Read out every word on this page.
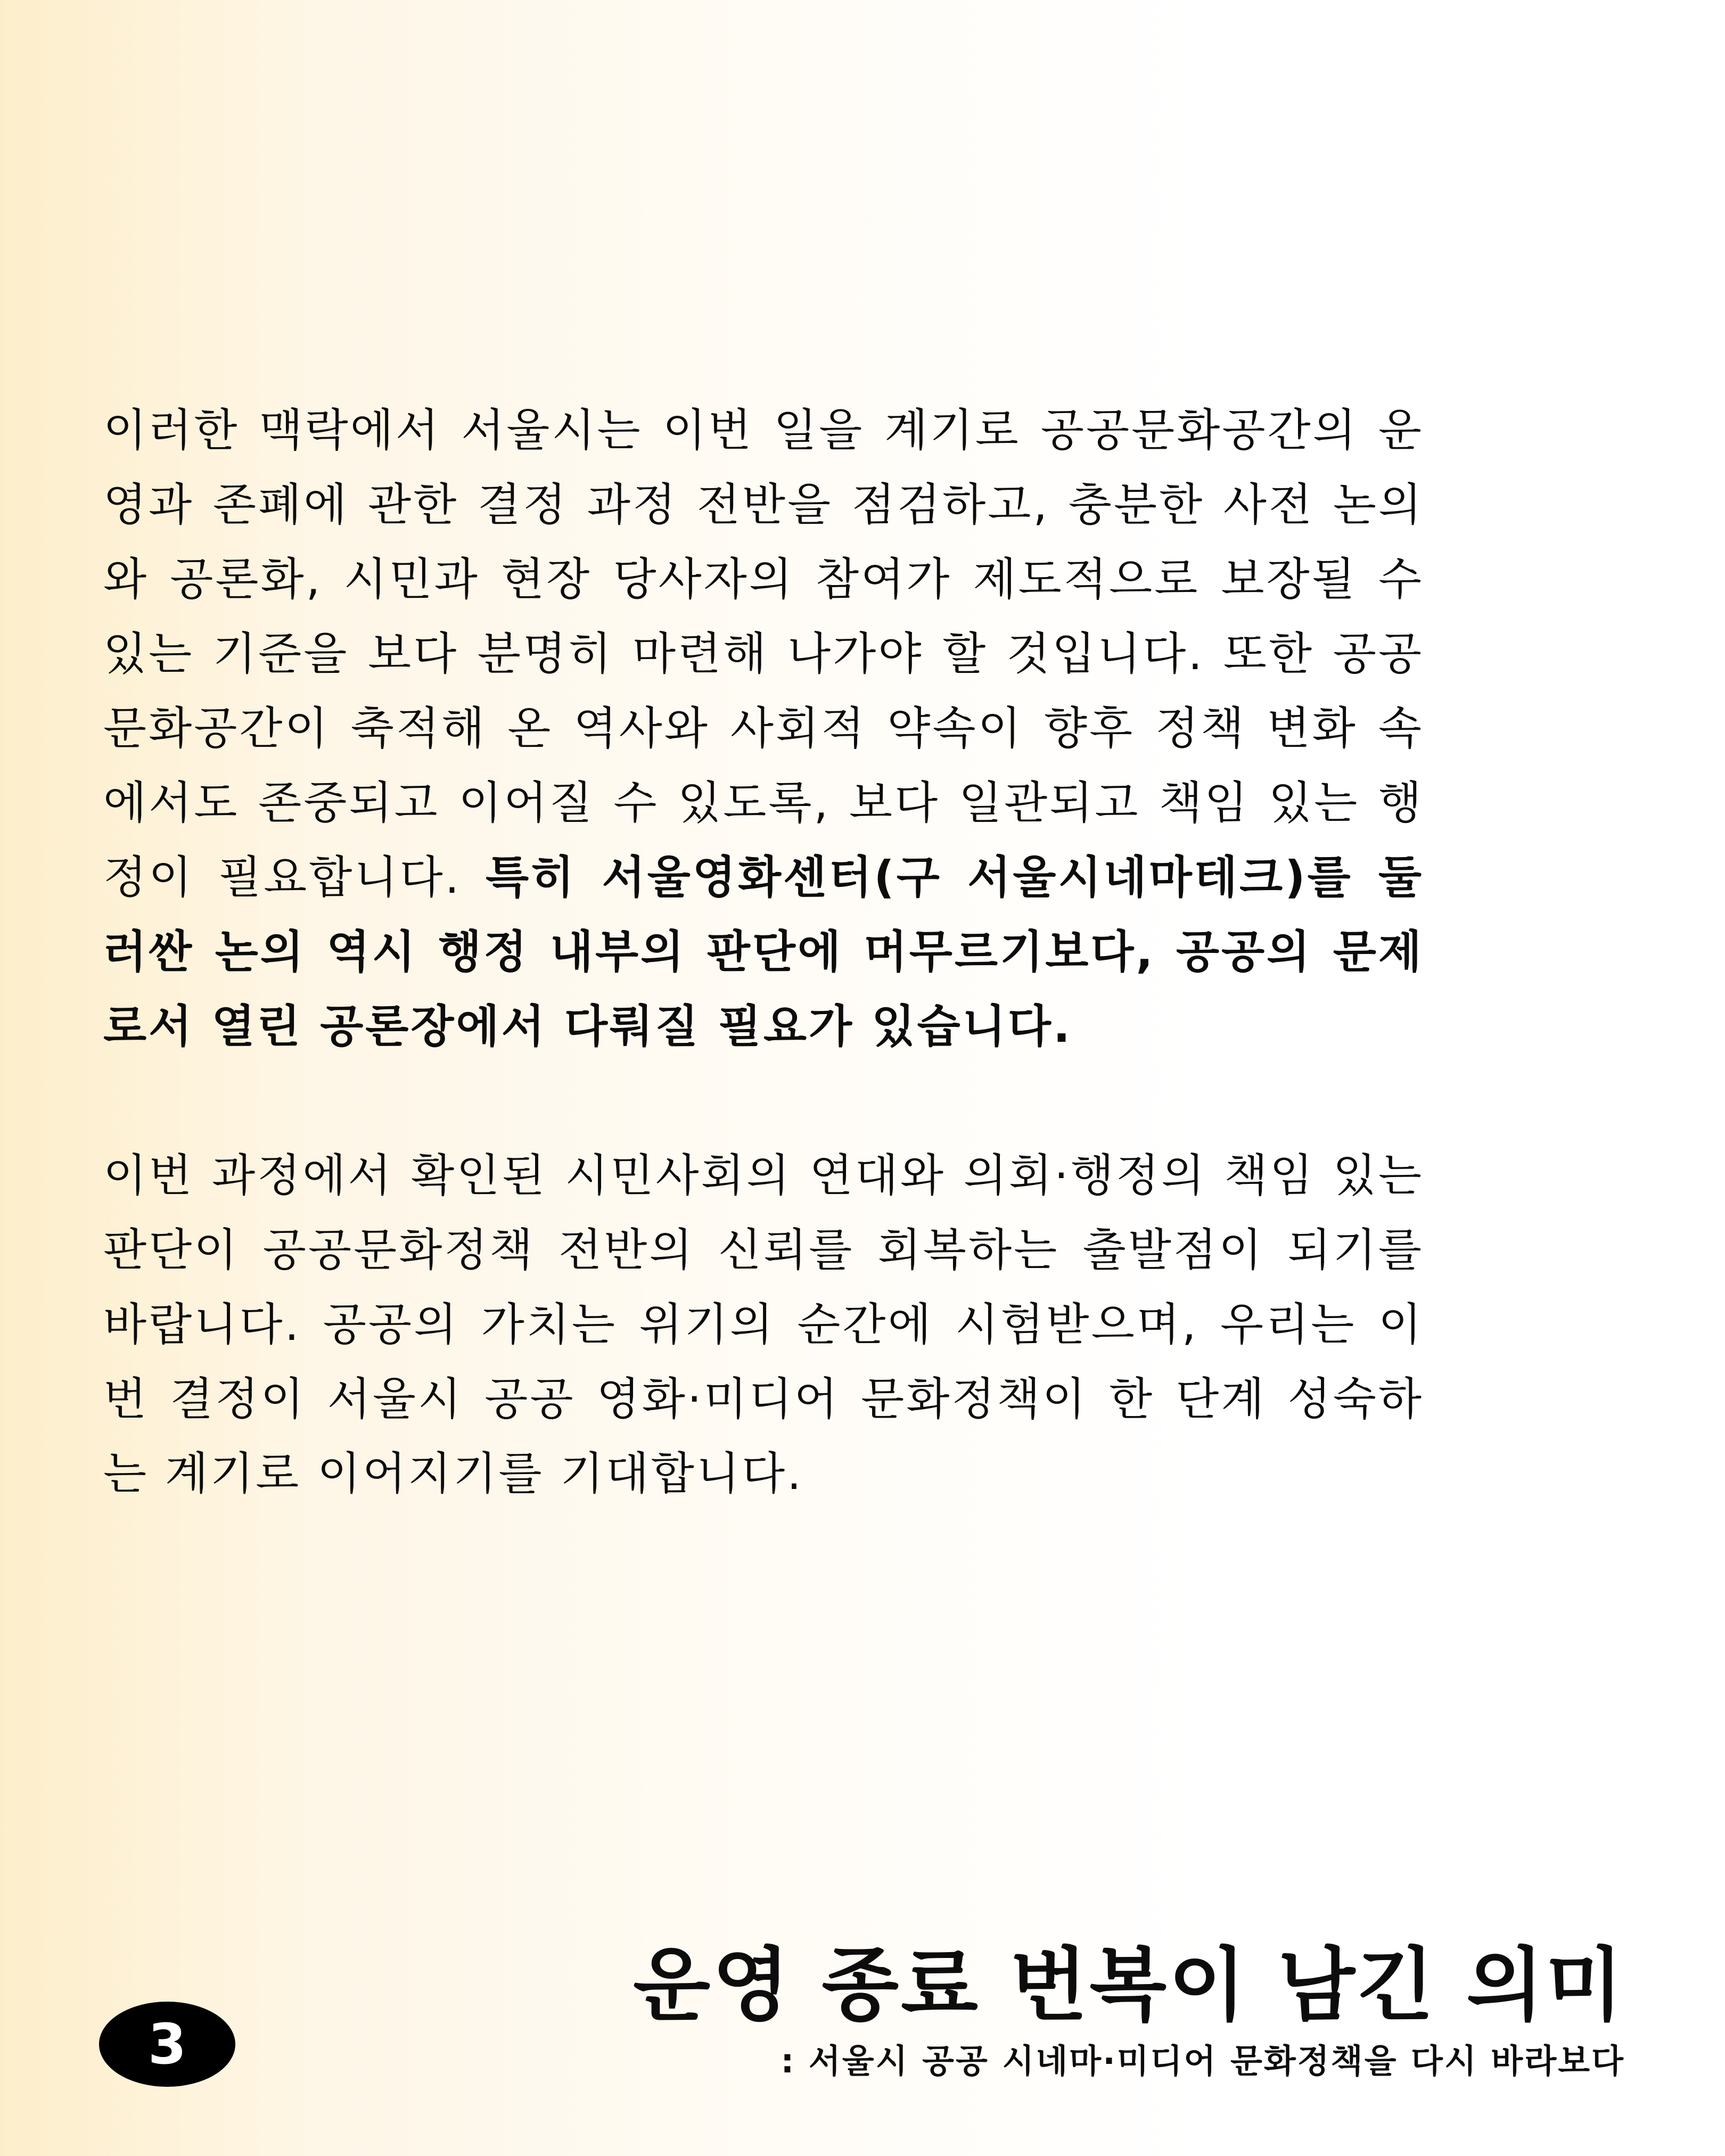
이러한 맥락에서 서울시는 이번 일을 계기로 공공문화공간의 운영과 존폐에 관한 결정 과정 전반을 점검하고, 충분한 사전 논의와 공론화, 시민과 현장 당사자의 참여가 제도적으로 보장될 수 있는 기준을 보다 분명히 마련해 나가야 할 것입니다. 또한 공공문화공간이 축적해 온 역사와 사회적 약속이 향후 정책 변화 속에서도 존중되고 이어질 수 있도록, 보다 일관되고 책임 있는 행정이 필요합니다. 특히 서울영화센터(구 서울시네마테크)를 둘러싼 논의 역시 행정 내부의 판단에 머무르기보다, 공공의 문제로서 열린 공론장에서 다뤄질 필요가 있습니다.

이번 과정에서 확인된 시민사회의 연대와 의회·행정의 책임 있는 판단이 공공문화정책 전반의 신뢰를 회복하는 출발점이 되기를 바랍니다. 공공의 가치는 위기의 순간에 시험받으며, 우리는 이번 결정이 서울시 공공 영화·미디어 문화정책이 한 단계 성숙하는 계기로 이어지기를 기대합니다.

운영 종료 번복이 남긴 의미
: 서울시 공공 시네마·미디어 문화정책을 다시 바라보다
3
